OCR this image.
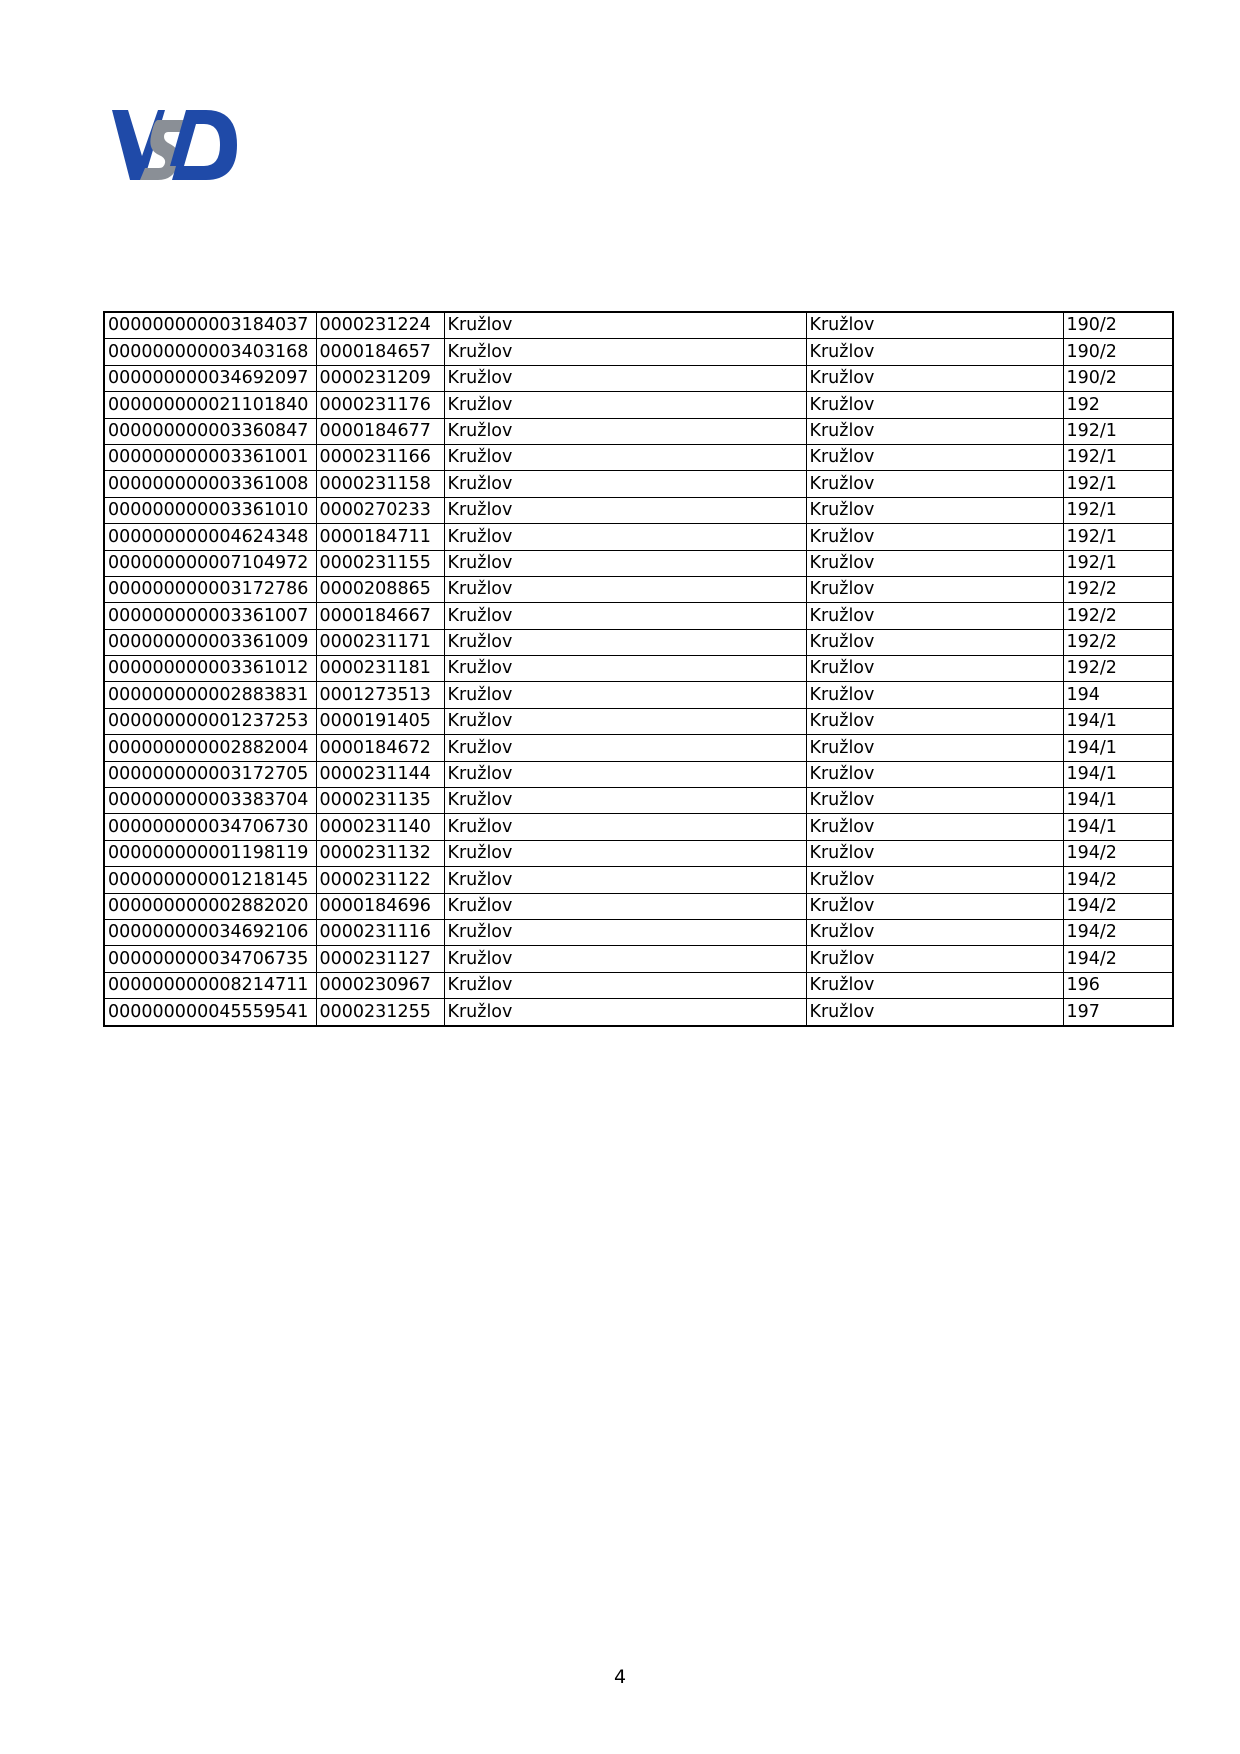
000000000003184037	0000231224	Kružlov	Kružlov	190/2
000000000003403168	0000184657	Kružlov	Kružlov	190/2
000000000034692097	0000231209	Kružlov	Kružlov	190/2
000000000021101840	0000231176	Kružlov	Kružlov	192
000000000003360847	0000184677	Kružlov	Kružlov	192/1
000000000003361001	0000231166	Kružlov	Kružlov	192/1
000000000003361008	0000231158	Kružlov	Kružlov	192/1
000000000003361010	0000270233	Kružlov	Kružlov	192/1
000000000004624348	0000184711	Kružlov	Kružlov	192/1
000000000007104972	0000231155	Kružlov	Kružlov	192/1
000000000003172786	0000208865	Kružlov	Kružlov	192/2
000000000003361007	0000184667	Kružlov	Kružlov	192/2
000000000003361009	0000231171	Kružlov	Kružlov	192/2
000000000003361012	0000231181	Kružlov	Kružlov	192/2
000000000002883831	0001273513	Kružlov	Kružlov	194
000000000001237253	0000191405	Kružlov	Kružlov	194/1
000000000002882004	0000184672	Kružlov	Kružlov	194/1
000000000003172705	0000231144	Kružlov	Kružlov	194/1
000000000003383704	0000231135	Kružlov	Kružlov	194/1
000000000034706730	0000231140	Kružlov	Kružlov	194/1
000000000001198119	0000231132	Kružlov	Kružlov	194/2
000000000001218145	0000231122	Kružlov	Kružlov	194/2
000000000002882020	0000184696	Kružlov	Kružlov	194/2
000000000034692106	0000231116	Kružlov	Kružlov	194/2
000000000034706735	0000231127	Kružlov	Kružlov	194/2
000000000008214711	0000230967	Kružlov	Kružlov	196
000000000045559541	0000231255	Kružlov	Kružlov	197
4
